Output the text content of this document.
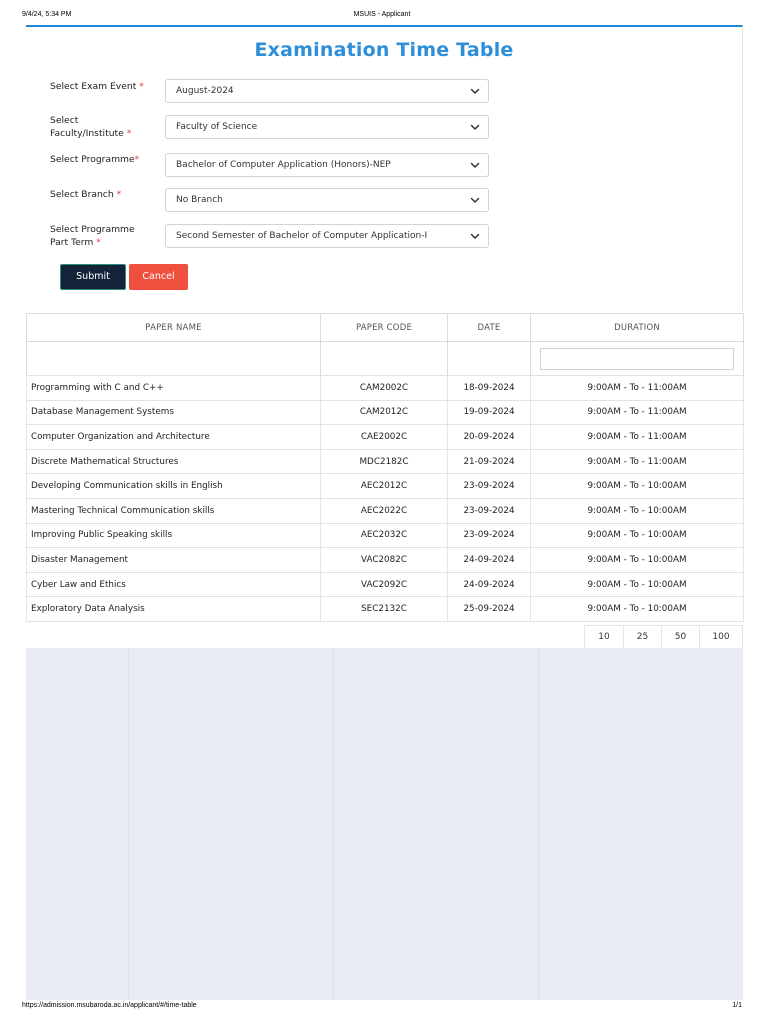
9/4/24, 5:34 PM	MSUIS - Applicant
Examination Time Table
Select Exam Event *	August-2024
Select
Faculty/Institute *
Faculty of Science
Select Programme*	Bachelor of Computer Application (Honors)-NEP
Select Branch *	No Branch
Select Programme
Part Term *
Second Semester of Bachelor of Computer Application-I
Submit	Cancel
PAPER NAME	PAPER CODE	DATE	DURATION

Programming with C and C++	CAM2002C	18-09-2024	9:00AM - To - 11:00AM
Database Management Systems	CAM2012C	19-09-2024	9:00AM - To - 11:00AM
Computer Organization and Architecture	CAE2002C	20-09-2024	9:00AM - To - 11:00AM
Discrete Mathematical Structures	MDC2182C	21-09-2024	9:00AM - To - 11:00AM
Developing Communication skills in English	AEC2012C	23-09-2024	9:00AM - To - 10:00AM
Mastering Technical Communication skills	AEC2022C	23-09-2024	9:00AM - To - 10:00AM
Improving Public Speaking skills	AEC2032C	23-09-2024	9:00AM - To - 10:00AM
Disaster Management	VAC2082C	24-09-2024	9:00AM - To - 10:00AM
Cyber Law and Ethics	VAC2092C	24-09-2024	9:00AM - To - 10:00AM
Exploratory Data Analysis	SEC2132C	25-09-2024	9:00AM - To - 10:00AM
10	25	50	100
https://admission.msubaroda.ac.in/applicant/#/time-table	1/1
